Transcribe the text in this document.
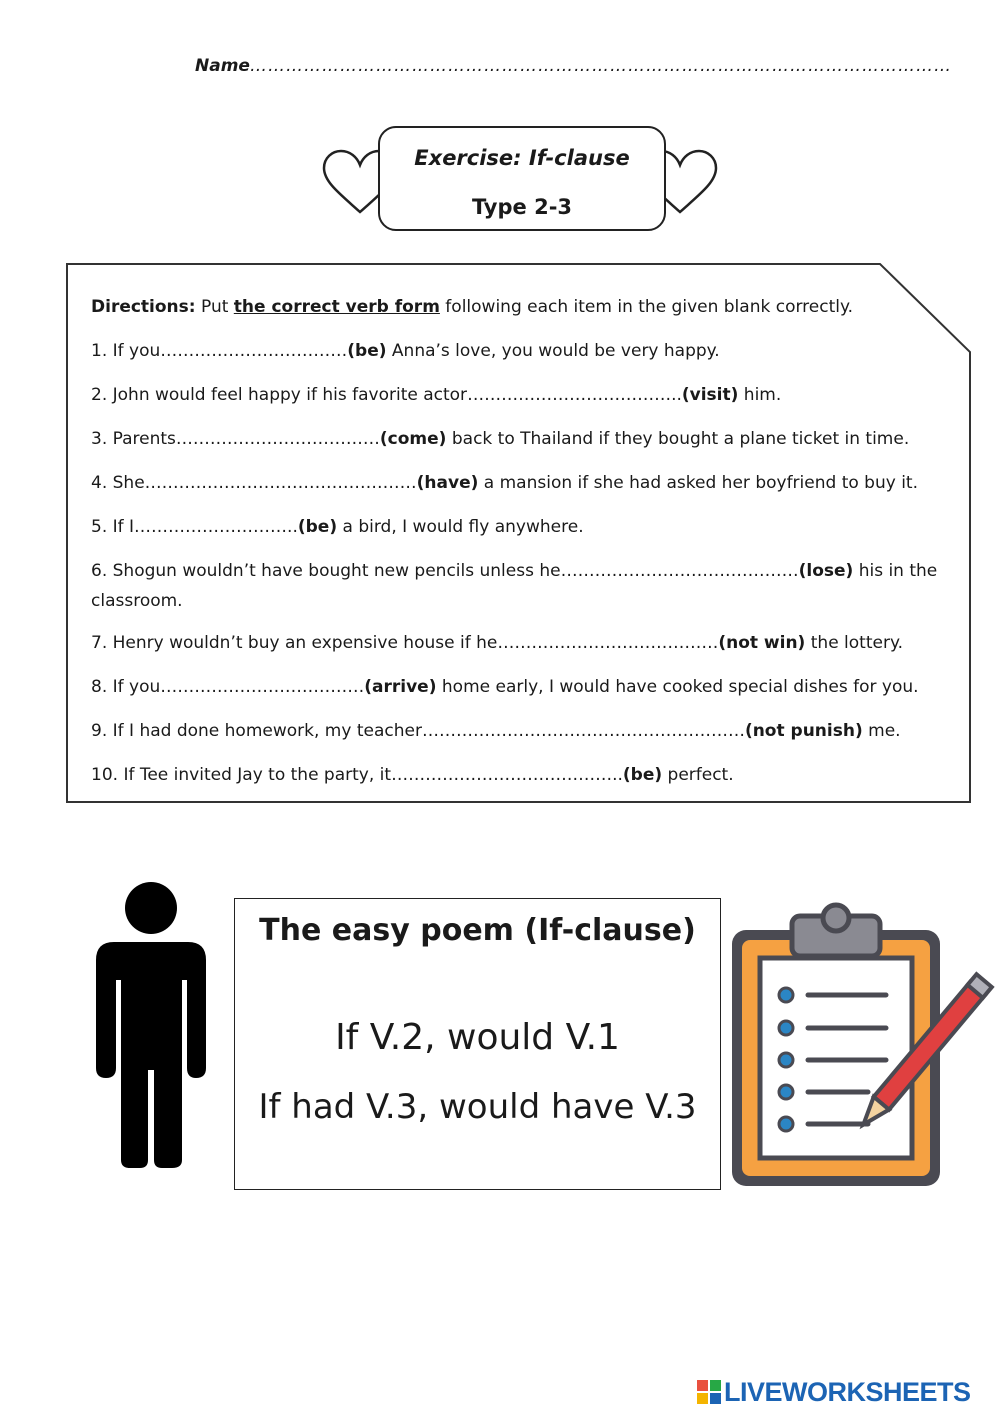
Name………………………………………………………………………………………………………
Exercise: If-clause
Type 2-3
Directions: Put the correct verb form following each item in the given blank correctly.
1. If you……………………………(be) Anna’s love, you would be very happy.
2. John would feel happy if his favorite actor………………………………..(visit) him.
3. Parents………………………………(come) back to Thailand if they bought a plane ticket in time.
4. She…………………………………………(have) a mansion if she had asked her boyfriend to buy it.
5. If I………………………..(be) a bird, I would fly anywhere.
6. Shogun wouldn’t have bought new pencils unless he……………………………………(lose) his in the classroom.
7. Henry wouldn’t buy an expensive house if he…………………………………(not win) the lottery.
8. If you………………………………(arrive) home early, I would have cooked special dishes for you.
9. If I had done homework, my teacher…………………………………………………(not punish) me.
10. If Tee invited Jay to the party, it…………………………………..(be) perfect.
The easy poem (If-clause)
If V.2, would V.1
If had V.3, would have V.3
LIVEWORKSHEETS
